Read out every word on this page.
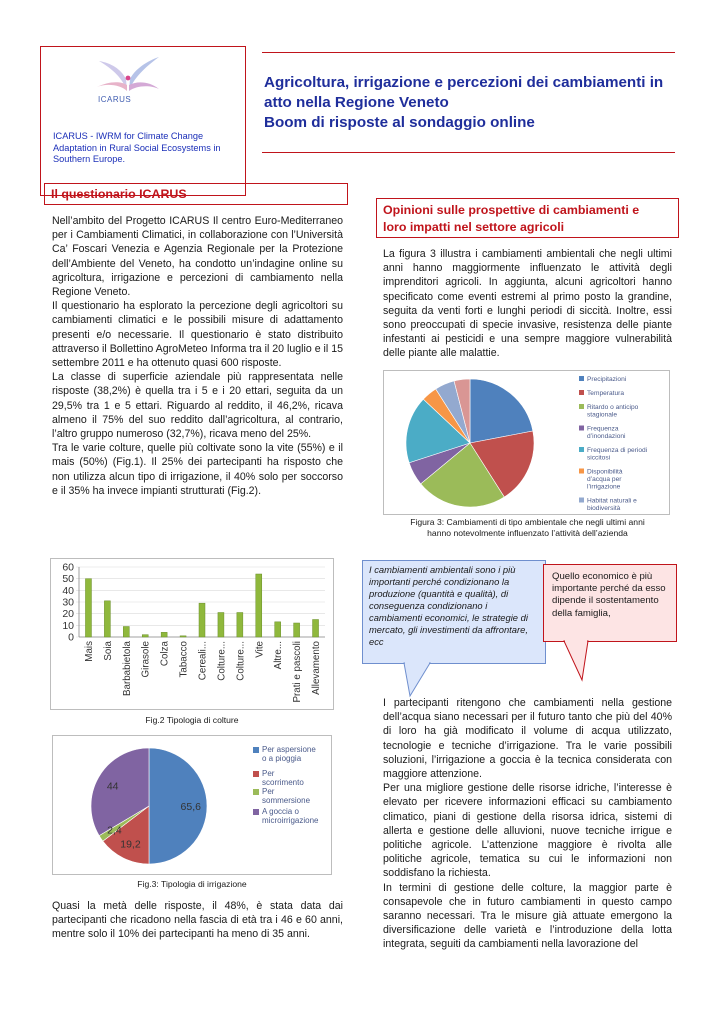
ICARUS
ICARUS - IWRM for Climate Change
Adaptation in Rural Social Ecosystems in
Southern Europe.
Agricoltura, irrigazione e percezioni dei cambiamenti in
atto nella Regione Veneto
Boom di risposte al sondaggio online
Il questionario ICARUS

Nell’ambito del Progetto ICARUS Il centro Euro-Mediterraneo per i Cambiamenti Climatici, in collaborazione con l’Università Ca’ Foscari Venezia e Agenzia Regionale per la Protezione dell’Ambiente del Veneto, ha condotto un’indagine online su agricoltura, irrigazione e percezioni di cambiamento nella Regione Veneto.

Il questionario ha esplorato la percezione degli agricoltori su cambiamenti climatici e le possibili misure di adattamento presenti e/o necessarie. Il questionario è stato distribuito attraverso il Bollettino AgroMeteo Informa tra il 20 luglio e il 15 settembre 2011 e ha ottenuto quasi 600 risposte.

La classe di superficie aziendale più rappresentata nelle risposte (38,2%) è quella tra i 5 e i 20 ettari, seguita da un 29,5% tra 1 e 5 ettari. Riguardo al reddito, il 46,2%, ricava almeno il 75% del suo reddito dall’agricoltura, al contrario, l’altro gruppo numeroso (32,7%), ricava meno del 25%.

Tra le varie colture, quelle più coltivate sono la vite (55%) e il mais (50%) (Fig.1). Il 25% dei partecipanti ha risposto che non utilizza alcun tipo di irrigazione, il 40% solo per soccorso e il 35% ha invece impianti strutturati (Fig.2).

0
10
20
30
40
50
60
Mais Soia Barbabietola Girasole Colza Tabacco Cereali... Colture... Colture... Vite Altre... Prati e pascoli Allevamento
Fig.2 Tipologia di colture
65,6
19,2
2,4
44
Per aspersione
o a pioggia
Per
scorrimento
Per
sommersione
A goccia o
microirrigazione
Fig.3: Tipologia di irrigazione

Quasi la metà delle risposte, il 48%, è stata data dai partecipanti che ricadono nella fascia di età tra i 46 e 60 anni, mentre solo il 10% dei partecipanti ha meno di 35 anni.

Opinioni sulle prospettive di cambiamenti e
loro impatti nel settore agricoli

La figura 3 illustra i cambiamenti ambientali che negli ultimi anni hanno maggiormente influenzato le attività degli imprenditori agricoli. In aggiunta, alcuni agricoltori hanno specificato come eventi estremi al primo posto la grandine, seguita da venti forti e lunghi periodi di siccità. Inoltre, essi sono preoccupati di specie invasive, resistenza delle piante infestanti ai pesticidi e una sempre maggiore vulnerabilità delle piante alle malattie.

Precipitazioni
Temperatura
Ritardo o anticipo
stagionale
Frequenza
d’inondazioni
Frequenza di periodi
siccitosi
Disponibilità
d’acqua per
l’irrigazione
Habitat naturali e
biodiversità
Figura 3: Cambiamenti di tipo ambientale che negli ultimi anni
hanno notevolmente influenzato l’attività dell’azienda
I cambiamenti ambientali sono i più importanti perché condizionano la produzione (quantità e qualità), di conseguenza condizionano i cambiamenti economici, le strategie di mercato, gli investimenti da affrontare, ecc
Quello economico è più importante perché da esso dipende il sostentamento della famiglia,

I partecipanti ritengono che cambiamenti nella gestione dell’acqua siano necessari per il futuro tanto che più del 40% di loro ha già modificato il volume di acqua utilizzato, tecnologie e tecniche d’irrigazione. Tra le varie possibili soluzioni, l’irrigazione a goccia è la tecnica considerata con maggiore attenzione.

Per una migliore gestione delle risorse idriche, l’interesse è elevato per ricevere informazioni efficaci su cambiamento climatico, piani di gestione della risorsa idrica, sistemi di allerta e gestione delle alluvioni, nuove tecniche irrigue e politiche agricole. L’attenzione maggiore è rivolta alle politiche agricole, tematica su cui le informazioni non soddisfano la richiesta.

In termini di gestione delle colture, la maggior parte è consapevole che in futuro cambiamenti in questo campo saranno necessari. Tra le misure già attuate emergono la diversificazione delle varietà e l’introduzione della lotta integrata, seguiti da cambiamenti nella lavorazione del
